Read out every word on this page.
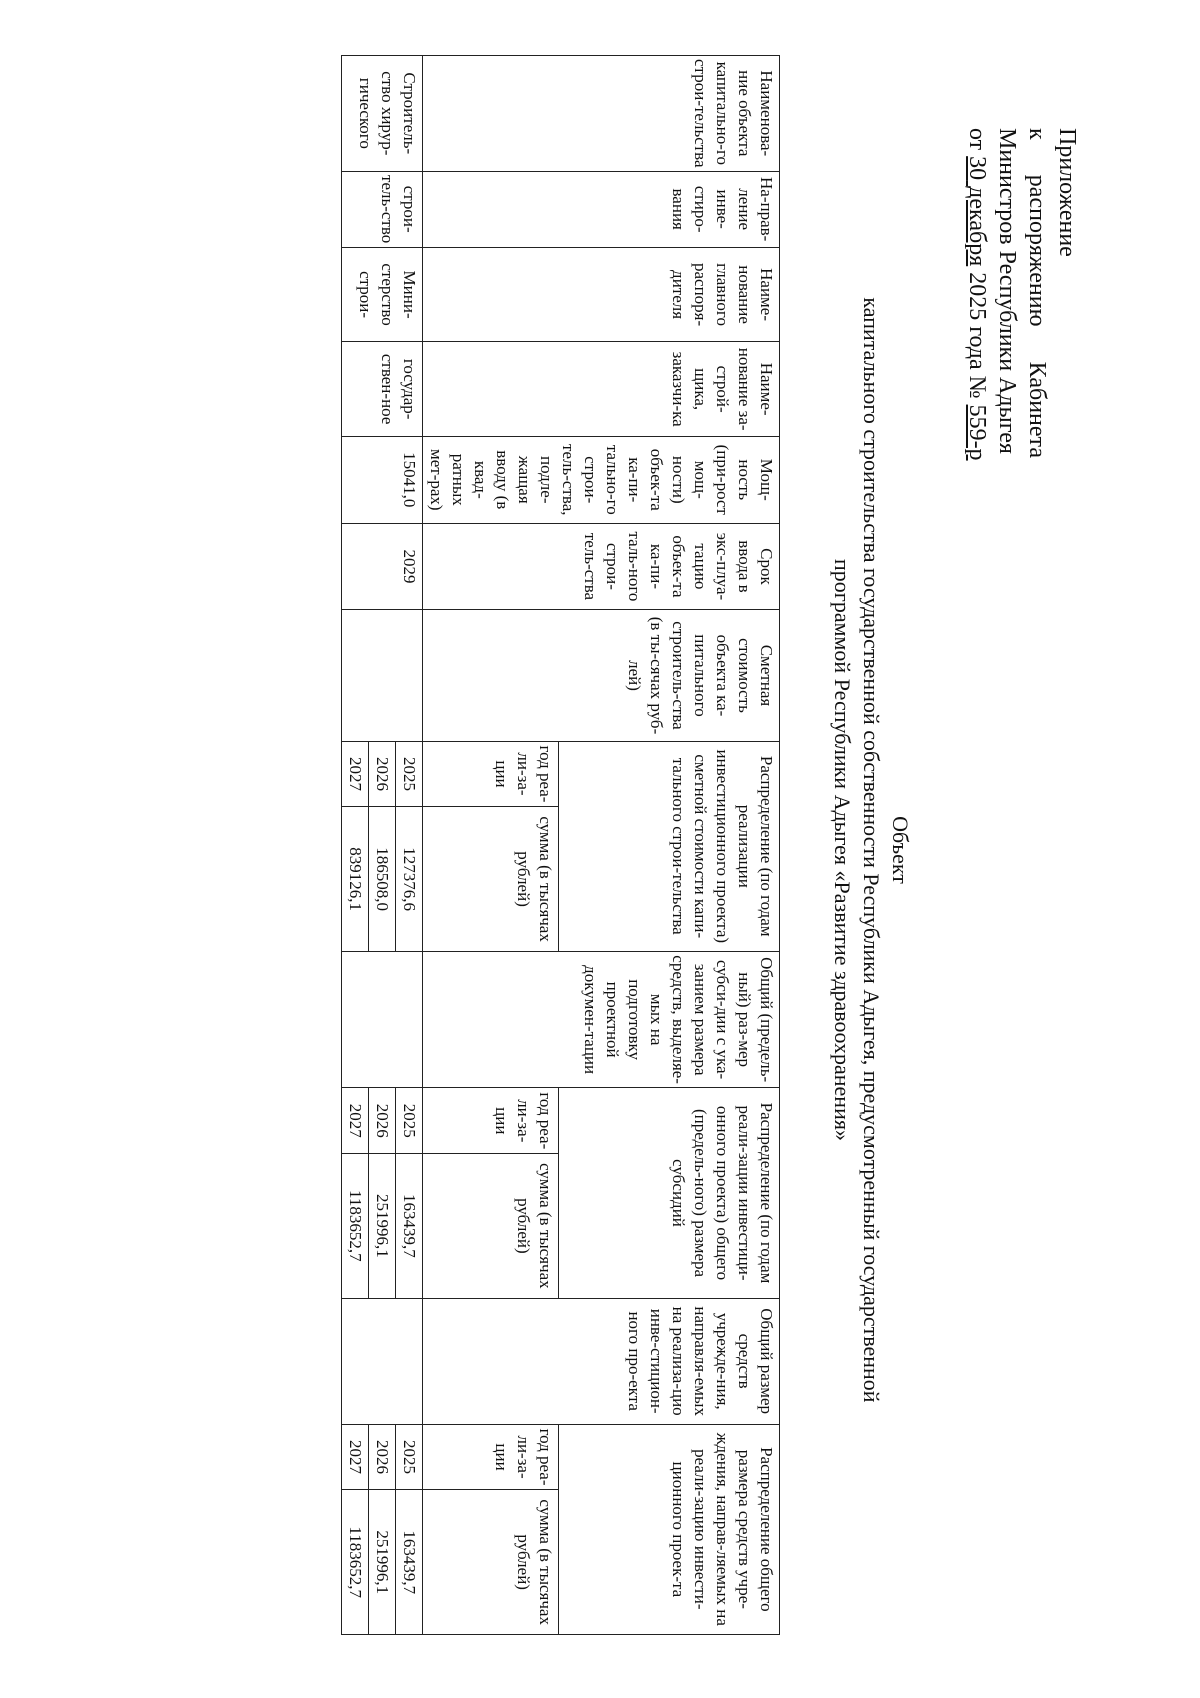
Приложение
к
распоряжению
Кабинета
Министров Республики Адыгея
от 30 декабря 2025 года № 559-р
Объект
капитального строительства государственной собственности Республики Адыгея, предусмотренный государственной
программой Республики Адыгея «Развитие здравоохранения»
Наименова-ние объекта капитально-го строи-тельства	На-прав-ление инве-стиро-вания	Наиме-нование главного распоря-дителя	Наиме-нование за-строй-щика, заказчи-ка	Мощ-ность (при-рост мощ-ности) объек-та ка-пи-тально-го строи-тель-ства, подле-жащая вводу (в квад-ратных мет-рах)	Срок ввода в экс-плуа-тацию объек-та ка-пи-таль-ного строи-тель-ства	Сметная стоимость объекта ка-питального строитель-ства (в ты-сячах руб-лей)	Распределение (по годам реализации инвестиционного проекта) сметной стоимости капи-тального строи-тельства		Общий (предель-ный) раз-мер субси-дии с ука-занием размера средств, выделяе-мых на подготовку проектной докумен-тации	Распределение (по годам реали-зации инвестици-онного проекта) общего (предель-ного) размера субсидий		Общий размер средств учрежде-ния, направля-емых на реализа-цио инве-стицион-ного про-екта	Распределение общего размера средств учре-ждения, направ-ляемых на реали-зацию инвести-ционного проек-та	
							год реа-ли-за-ции	сумма (в тысячах рублей)		год реа-ли-за-ции	сумма (в тысячах рублей)		год реа-ли-за-ции	сумма (в тысячах рублей)
Строитель-ство хирур-гического	строи-тель-ство	Мини-стерство строи-	государ-ствен-ное	15041,0	2029		2025	127376,6		2025	163439,7		2025	163439,7
							2026	186508,0		2026	251996,1		2026	251996,1
							2027	839126,1		2027	1183652,7		2027	1183652,7
